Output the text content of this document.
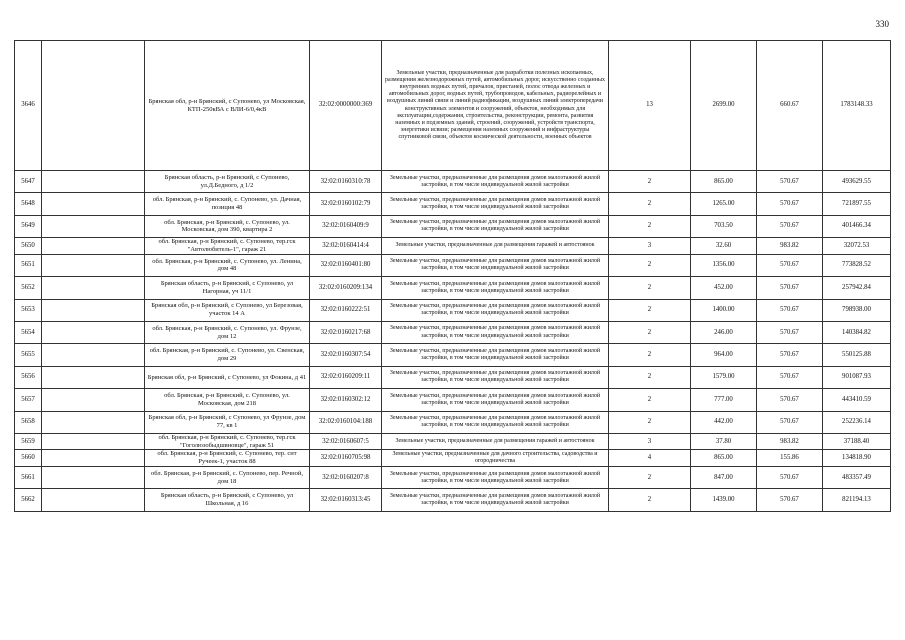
330
3646		Брянская обл, р-н Брянский, с Супонево, ул Московская, КТП-250кВА с ВЛИ-6/0,4кВ	32:02:0000000:369	Земельные участки, предназначенные для разработки полезных ископаемых, размещения железнодорожных путей, автомобильных дорог, искусственно созданных внутренних водных путей, причалов, пристаней, полос отвода железных и автомобильных дорог, водных путей, трубопроводов, кабельных, радиорелейных и воздушных линий связи и линий радиофикации, воздушных линий электропередачи конструктивных элементов и сооружений, объектов, необходимых для эксплуатации,содержания, строительства, реконструкции, ремонта, развития наземных и подземных зданий, строений, сооружений, устройств транспорта, энергетики исвязи; размещения наземных сооружений и инфраструктуры спутниковой связи, объектов космической деятельности, военных объектов	13	2699.00	660.67	1783148.33
5647		Брянская область, р-н Брянский, с Супонево, ул.Д.Бедного, д 1/2	32:02:0160310:78	Земельные участки, предназначенные для размещения домов малоэтажной жилой застройки, в том числе индивидуальной жилой застройки	2	865.00	570.67	493629.55
5648		обл. Брянская, р-н Брянский, с. Супонево, ул. Дачная, позиция 48	32:02:0160102:79	Земельные участки, предназначенные для размещения домов малоэтажной жилой застройки, в том числе индивидуальной жилой застройки	2	1265.00	570.67	721897.55
5649		обл. Брянская, р-н Брянский, с. Супонево, ул. Московская, дом 390, квартира 2	32:02:0160409:9	Земельные участки, предназначенные для размещения домов малоэтажной жилой застройки, в том числе индивидуальной жилой застройки	2	703.50	570.67	401466.34
5650		обл. Брянская, р-н Брянский, с. Супонево, тер.гск "Автолюбитель-1", гараж 21	32:02:0160414:4	Земельные участки, предназначенные для размещения гаражей и автостоянок	3	32.60	983.82	32072.53
5651		обл. Брянская, р-н Брянский, с. Супонево, ул. Ленина, дом 48	32:02:0160401:80	Земельные участки, предназначенные для размещения домов малоэтажной жилой застройки, в том числе индивидуальной жилой застройки	2	1356.00	570.67	773828.52
5652		Брянская область, р-н Брянский, с Супонево, ул Нагорная, уч 11/1	32:02:0160209:134	Земельные участки, предназначенные для размещения домов малоэтажной жилой застройки, в том числе индивидуальной жилой застройки	2	452.00	570.67	257942.84
5653		Брянская обл, р-н Брянский, с Супонево, ул Березовая, участок 14 А	32:02:0160222:51	Земельные участки, предназначенные для размещения домов малоэтажной жилой застройки, в том числе индивидуальной жилой застройки	2	1400.00	570.67	798938.00
5654		обл. Брянская, р-н Брянский, с. Супонево, ул. Фрунзе, дом 12	32:02:0160217:68	Земельные участки, предназначенные для размещения домов малоэтажной жилой застройки, в том числе индивидуальной жилой застройки	2	246.00	570.67	140384.82
5655		обл. Брянская, р-н Брянский, с. Супонево, ул. Свенская, дом 29	32:02:0160307:54	Земельные участки, предназначенные для размещения домов малоэтажной жилой застройки, в том числе индивидуальной жилой застройки	2	964.00	570.67	550125.88
5656		Брянская обл, р-н Брянский, с Супонево, ул Фокина, д 41	32:02:0160209:11	Земельные участки, предназначенные для размещения домов малоэтажной жилой застройки, в том числе индивидуальной жилой застройки	2	1579.00	570.67	901087.93
5657		обл. Брянская, р-н Брянский, с. Супонево, ул. Московская, дом 218	32:02:0160302:12	Земельные участки, предназначенные для размещения домов малоэтажной жилой застройки, в том числе индивидуальной жилой застройки	2	777.00	570.67	443410.59
5658		Брянская обл, р-н Брянский, с Супонево, ул Фрунзе, дом 77, кв 1	32:02:0160104:188	Земельные участки, предназначенные для размещения домов малоэтажной жилой застройки, в том числе индивидуальной жилой застройки	2	442.00	570.67	252236.14
5659		обл. Брянская, р-н Брянский, с. Супонево, тер.гск "Гоголюзобыдшвновце", гараж 51	32:02:0160607:5	Земельные участки, предназначенные для размещения гаражей и автостоянок	3	37.80	983.82	37188.40
5660		обл. Брянская, р-н Брянский, с. Супонево, тер. снт Ручеек-1, участок 88	32:02:0160705:98	Земельные участки, предназначенные для дачного строительства, садоводства и огородничества	4	865.00	155.86	134818.90
5661		обл. Брянская, р-н Брянский, с. Супонево, пер. Речной, дом 18	32:02:0160207:8	Земельные участки, предназначенные для размещения домов малоэтажной жилой застройки, в том числе индивидуальной жилой застройки	2	847.00	570.67	483357.49
5662		Брянская область, р-н Брянский, с Супонево, ул Школьная, д 16	32:02:0160313:45	Земельные участки, предназначенные для размещения домов малоэтажной жилой застройки, в том числе индивидуальной жилой застройки	2	1439.00	570.67	821194.13
